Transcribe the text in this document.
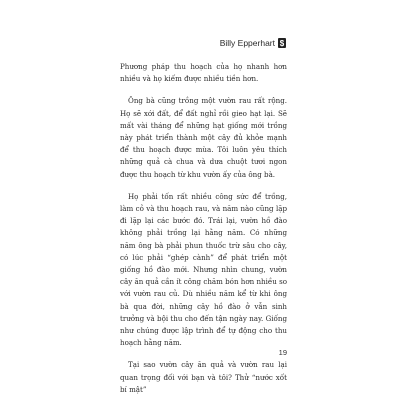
Billy Epperhart $

Phương pháp thu hoạch của họ nhanh hơn nhiều và họ kiếm được nhiều tiền hơn.

Ông bà cũng trồng một vườn rau rất rộng. Họ sẽ xới đất, để đất nghỉ rồi gieo hạt lại. Sẽ mất vài tháng để những hạt giống mới trồng này phát triển thành một cây đủ khỏe mạnh để thu hoạch được mùa. Tôi luôn yêu thích những quả cà chua và dưa chuột tươi ngon được thu hoạch từ khu vườn ấy của ông bà.

Họ phải tốn rất nhiều công sức để trồng, làm cỏ và thu hoạch rau, và năm nào cũng lặp đi lặp lại các bước đó. Trái lại, vườn hồ đào không phải trồng lại hằng năm. Có những năm ông bà phải phun thuốc trừ sâu cho cây, có lúc phải “ghép cành” để phát triển một giống hồ đào mới. Nhưng nhìn chung, vườn cây ăn quả cần ít công chăm bón hơn nhiều so với vườn rau củ. Dù nhiều năm kể từ khi ông bà qua đời, những cây hồ đào ở vẫn sinh trưởng và bội thu cho đến tận ngày nay. Giống như chúng được lập trình để tự động cho thu hoạch hằng năm.

Tại sao vườn cây ăn quả và vườn rau lại quan trọng đối với bạn và tôi? Thử “nước xốt bí mật”

19
